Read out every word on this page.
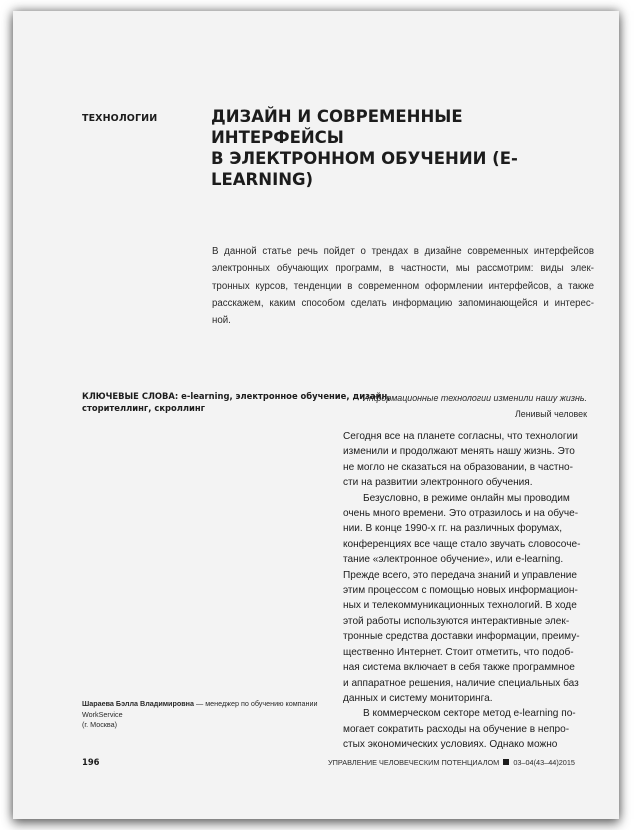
ТЕХНОЛОГИИ	ДИЗАЙН И СОВРЕМЕННЫЕ ИНТЕРФЕЙСЫ
В ЭЛЕКТРОННОМ ОБУЧЕНИИ (E-LEARNING)
В данной статье речь пойдет о трендах в дизайне современных интерфейсов
электронных обучающих программ, в частности, мы рассмотрим: виды элек-
тронных курсов, тенденции в современном оформлении интерфейсов, а также
расскажем, каким способом сделать информацию запоминающейся и интерес-
ной.
КЛЮЧЕВЫЕ СЛОВА: e-learning, электронное обучение, дизайн,
сторителлинг, скроллинг
Информационные технологии изменили нашу жизнь.
Ленивый человек
Сегодня все на планете согласны, что технологии
изменили и продолжают менять нашу жизнь. Это
не могло не сказаться на образовании, в частно-
сти на развитии электронного обучения.
Безусловно, в режиме онлайн мы проводим
очень много времени. Это отразилось и на обуче-
нии. В конце 1990-х гг. на различных форумах,
конференциях все чаще стало звучать словосоче-
тание «электронное обучение», или e-learning.
Прежде всего, это передача знаний и управление
этим процессом с помощью новых информацион-
ных и телекоммуникационных технологий. В ходе
этой работы используются интерактивные элек-
тронные средства доставки информации, преиму-
щественно Интернет. Стоит отметить, что подоб-
ная система включает в себя также программное
и аппаратное решения, наличие специальных баз
данных и систему мониторинга.
В коммерческом секторе метод e-learning по-
могает сократить расходы на обучение в непро-
стых экономических условиях. Однако можно
Шараева Бэлла Владимировна — менеджер по обучению компании WorkService
(г. Москва)
196	УПРАВЛЕНИЕ ЧЕЛОВЕЧЕСКИМ ПОТЕНЦИАЛОМ 03–04(43–44)2015
